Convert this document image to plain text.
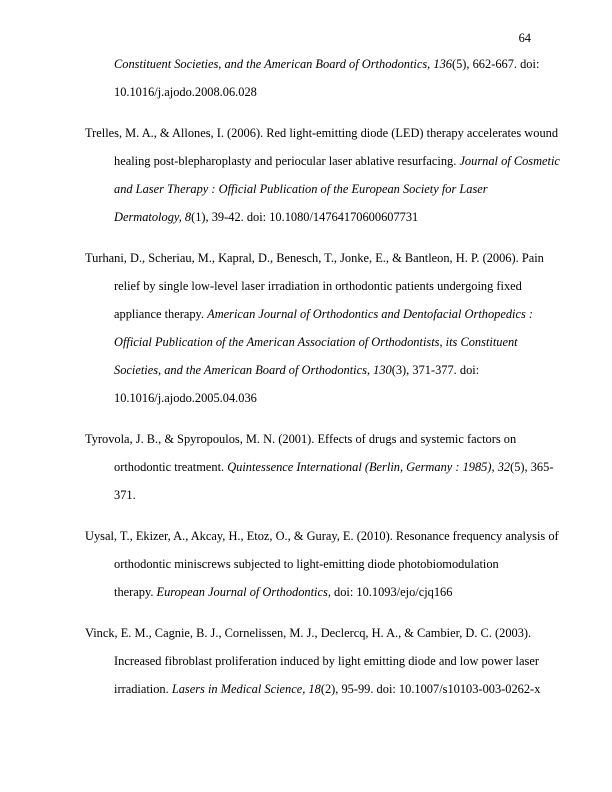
64
Constituent Societies, and the American Board of Orthodontics, 136(5), 662-667. doi:
10.1016/j.ajodo.2008.06.028
Trelles, M. A., & Allones, I. (2006). Red light-emitting diode (LED) therapy accelerates wound
healing post-blepharoplasty and periocular laser ablative resurfacing. Journal of Cosmetic
and Laser Therapy : Official Publication of the European Society for Laser
Dermatology, 8(1), 39-42. doi: 10.1080/14764170600607731
Turhani, D., Scheriau, M., Kapral, D., Benesch, T., Jonke, E., & Bantleon, H. P. (2006). Pain
relief by single low-level laser irradiation in orthodontic patients undergoing fixed
appliance therapy. American Journal of Orthodontics and Dentofacial Orthopedics :
Official Publication of the American Association of Orthodontists, its Constituent
Societies, and the American Board of Orthodontics, 130(3), 371-377. doi:
10.1016/j.ajodo.2005.04.036
Tyrovola, J. B., & Spyropoulos, M. N. (2001). Effects of drugs and systemic factors on
orthodontic treatment. Quintessence International (Berlin, Germany : 1985), 32(5), 365-
371.
Uysal, T., Ekizer, A., Akcay, H., Etoz, O., & Guray, E. (2010). Resonance frequency analysis of
orthodontic miniscrews subjected to light-emitting diode photobiomodulation
therapy. European Journal of Orthodontics, doi: 10.1093/ejo/cjq166
Vinck, E. M., Cagnie, B. J., Cornelissen, M. J., Declercq, H. A., & Cambier, D. C. (2003).
Increased fibroblast proliferation induced by light emitting diode and low power laser
irradiation. Lasers in Medical Science, 18(2), 95-99. doi: 10.1007/s10103-003-0262-x
